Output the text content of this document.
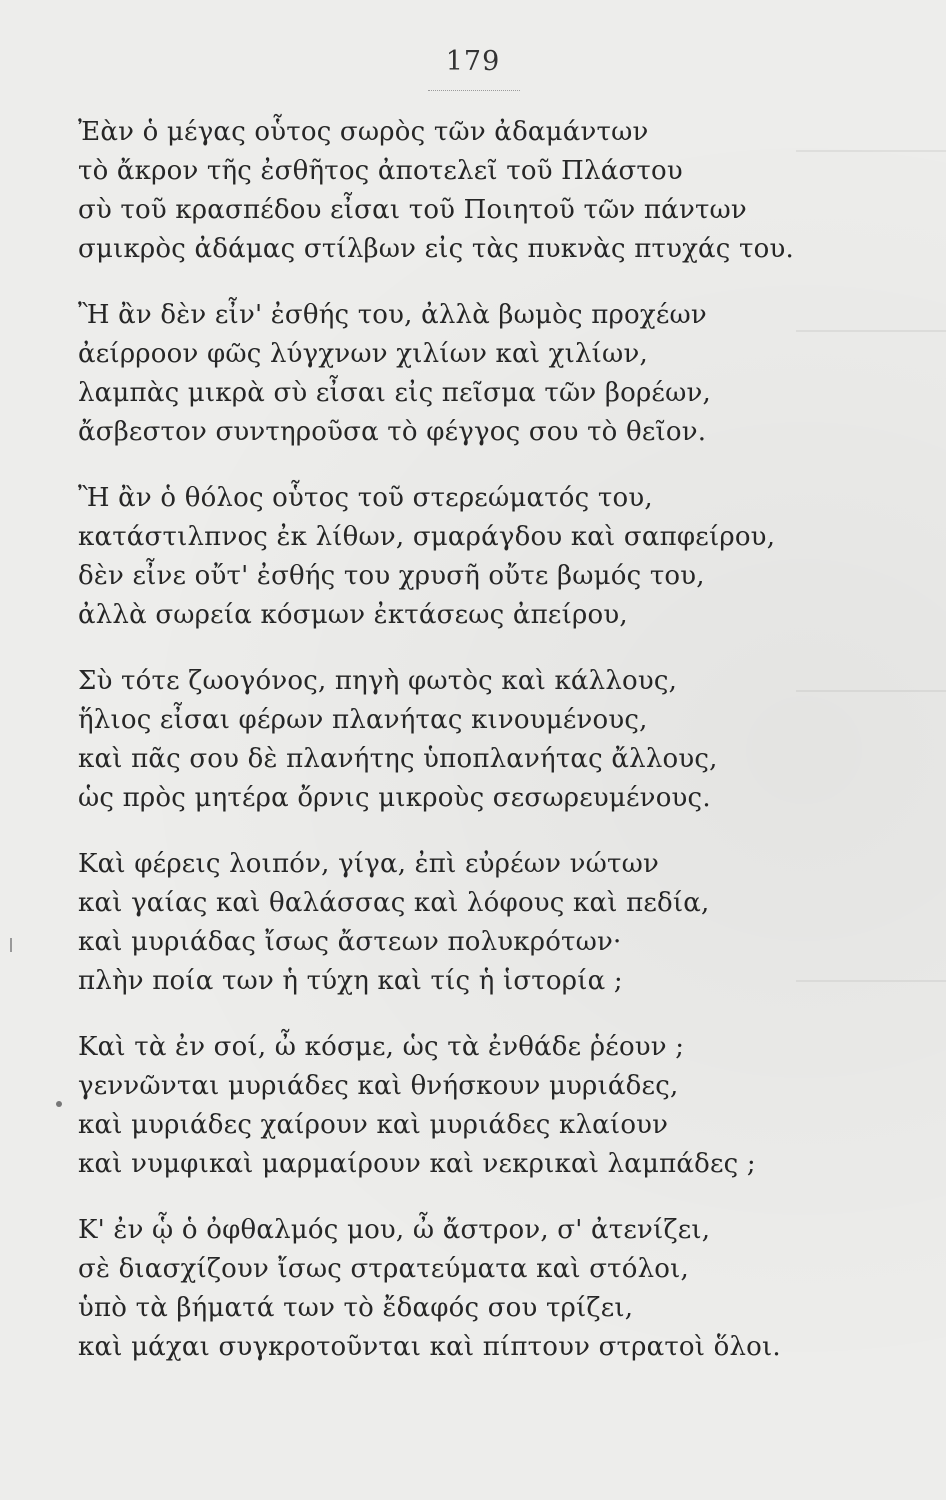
179
Ἐὰν ὁ μέγας οὗτος σωρὸς τῶν ἀδαμάντων
τὸ ἄκρον τῆς ἐσθῆτος ἀποτελεῖ τοῦ Πλάστου
σὺ τοῦ κρασπέδου εἶσαι τοῦ Ποιητοῦ τῶν πάντων
σμικρὸς ἀδάμας στίλβων εἰς τὰς πυκνὰς πτυχάς του.
Ἢ ἂν δὲν εἶν' ἐσθής του, ἀλλὰ βωμὸς προχέων
ἀείρροον φῶς λύγχνων χιλίων καὶ χιλίων,
λαμπὰς μικρὰ σὺ εἶσαι εἰς πεῖσμα τῶν βορέων,
ἄσβεστον συντηροῦσα τὸ φέγγος σου τὸ θεῖον.
Ἢ ἂν ὁ θόλος οὗτος τοῦ στερεώματός του,
κατάστιλπνος ἐκ λίθων, σμαράγδου καὶ σαπφείρου,
δὲν εἶνε οὔτ' ἐσθής του χρυσῆ οὔτε βωμός του,
ἀλλὰ σωρεία κόσμων ἐκτάσεως ἀπείρου,
Σὺ τότε ζωογόνος, πηγὴ φωτὸς καὶ κάλλους,
ἥλιος εἶσαι φέρων πλανήτας κινουμένους,
καὶ πᾶς σου δὲ πλανήτης ὑποπλανήτας ἄλλους,
ὡς πρὸς μητέρα ὄρνις μικροὺς σεσωρευμένους.
Καὶ φέρεις λοιπόν, γίγα, ἐπὶ εὐρέων νώτων
καὶ γαίας καὶ θαλάσσας καὶ λόφους καὶ πεδία,
καὶ μυριάδας ἴσως ἄστεων πολυκρότων·
πλὴν ποία των ἡ τύχη καὶ τίς ἡ ἱστορία ;
Καὶ τὰ ἐν σοί, ὦ κόσμε, ὡς τὰ ἐνθάδε ῥέουν ;
γεννῶνται μυριάδες καὶ θνήσκουν μυριάδες,
καὶ μυριάδες χαίρουν καὶ μυριάδες κλαίουν
καὶ νυμφικαὶ μαρμαίρουν καὶ νεκρικαὶ λαμπάδες ;
Κ' ἐν ᾧ ὁ ὀφθαλμός μου, ὦ ἄστρον, σ' ἀτενίζει,
σὲ διασχίζουν ἴσως στρατεύματα καὶ στόλοι,
ὑπὸ τὰ βήματά των τὸ ἔδαφός σου τρίζει,
καὶ μάχαι συγκροτοῦνται καὶ πίπτουν στρατοὶ ὅλοι.
